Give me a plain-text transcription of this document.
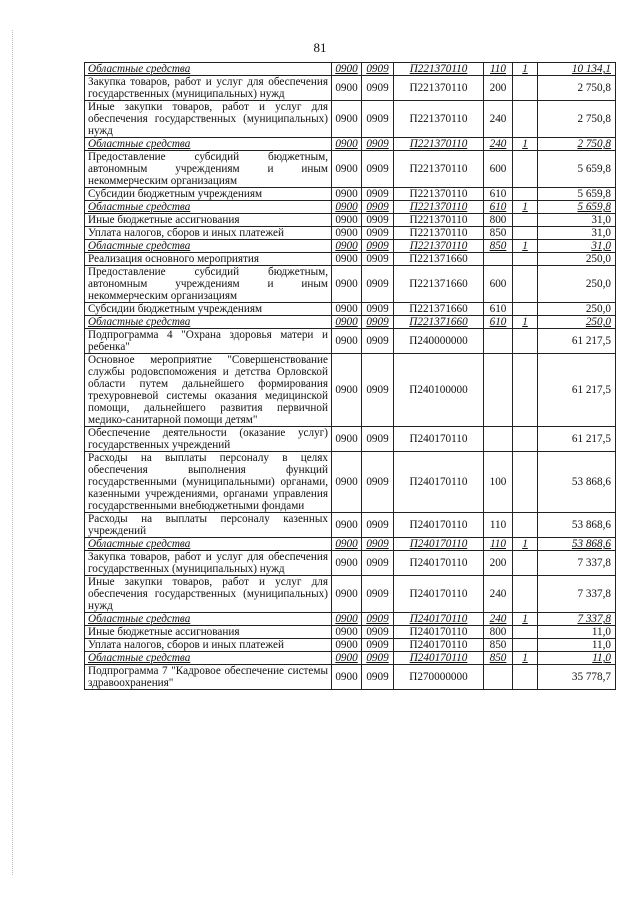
81
Областные средства	0900	0909	П221370110	110	1	10 134,1
Закупка товаров, работ и услуг для обеспечения государственных (муниципальных) нужд	0900	0909	П221370110	200		2 750,8
Иные закупки товаров, работ и услуг для обеспечения государственных (муниципальных) нужд	0900	0909	П221370110	240		2 750,8
Областные средства	0900	0909	П221370110	240	1	2 750,8
Предоставление субсидий бюджетным, автономным учреждениям и иным некоммерческим организациям	0900	0909	П221370110	600		5 659,8
Субсидии бюджетным учреждениям	0900	0909	П221370110	610		5 659,8
Областные средства	0900	0909	П221370110	610	1	5 659,8
Иные бюджетные ассигнования	0900	0909	П221370110	800		31,0
Уплата налогов, сборов и иных платежей	0900	0909	П221370110	850		31,0
Областные средства	0900	0909	П221370110	850	1	31,0
Реализация основного мероприятия	0900	0909	П221371660			250,0
Предоставление субсидий бюджетным, автономным учреждениям и иным некоммерческим организациям	0900	0909	П221371660	600		250,0
Субсидии бюджетным учреждениям	0900	0909	П221371660	610		250,0
Областные средства	0900	0909	П221371660	610	1	250,0
Подпрограмма 4 "Охрана здоровья матери и ребенка"	0900	0909	П240000000			61 217,5
Основное мероприятие "Совершенствование службы родовспоможения и детства Орловской области путем дальнейшего формирования трехуровневой системы оказания медицинской помощи, дальнейшего развития первичной медико-санитарной помощи детям"	0900	0909	П240100000			61 217,5
Обеспечение деятельности (оказание услуг) государственных учреждений	0900	0909	П240170110			61 217,5
Расходы на выплаты персоналу в целях обеспечения выполнения функций государственными (муниципальными) органами, казенными учреждениями, органами управления государственными внебюджетными фондами	0900	0909	П240170110	100		53 868,6
Расходы на выплаты персоналу казенных учреждений	0900	0909	П240170110	110		53 868,6
Областные средства	0900	0909	П240170110	110	1	53 868,6
Закупка товаров, работ и услуг для обеспечения государственных (муниципальных) нужд	0900	0909	П240170110	200		7 337,8
Иные закупки товаров, работ и услуг для обеспечения государственных (муниципальных) нужд	0900	0909	П240170110	240		7 337,8
Областные средства	0900	0909	П240170110	240	1	7 337,8
Иные бюджетные ассигнования	0900	0909	П240170110	800		11,0
Уплата налогов, сборов и иных платежей	0900	0909	П240170110	850		11,0
Областные средства	0900	0909	П240170110	850	1	11,0
Подпрограмма 7 "Кадровое обеспечение системы здравоохранения"	0900	0909	П270000000			35 778,7
